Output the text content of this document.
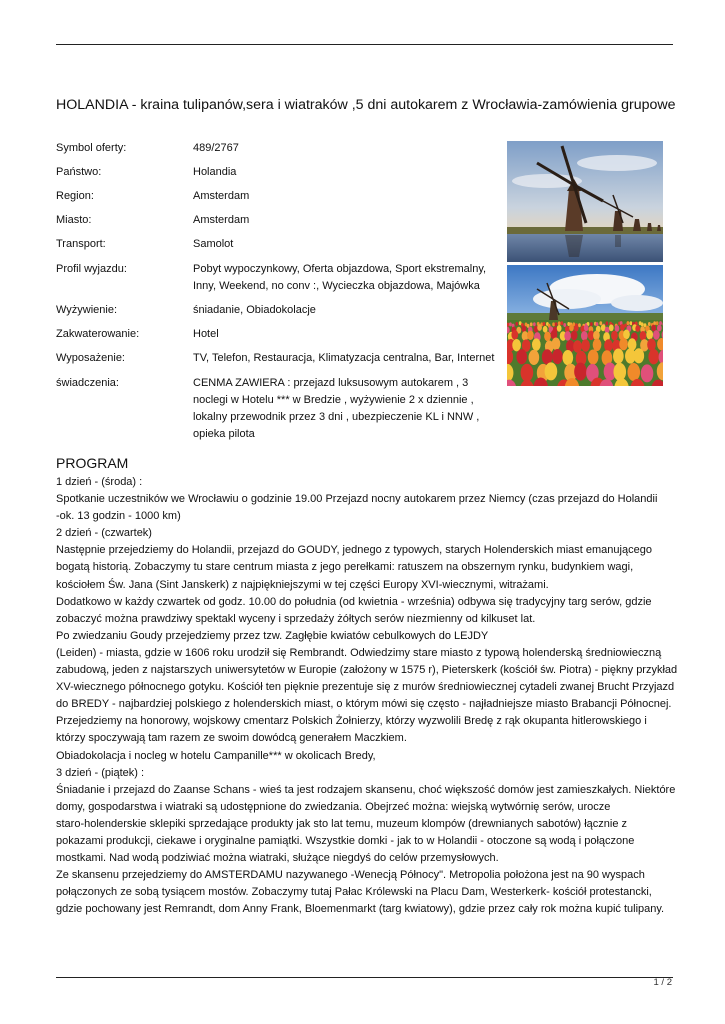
HOLANDIA - kraina tulipanów,sera i wiatraków ,5 dni autokarem z Wrocławia-zamówienia grupowe
Symbol oferty:	489/2767
Państwo:	Holandia
Region:	Amsterdam
Miasto:	Amsterdam
Transport:	Samolot
Profil wyjazdu:	Pobyt wypoczynkowy, Oferta objazdowa, Sport ekstremalny,
Inny, Weekend, no conv :, Wycieczka objazdowa, Majówka
Wyżywienie:	śniadanie, Obiadokolacje
Zakwaterowanie:	Hotel
Wyposażenie:	TV, Telefon, Restauracja, Klimatyzacja centralna, Bar, Internet
świadczenia:	CENMA ZAWIERA : przejazd luksusowym autokarem , 3
noclegi w Hotelu *** w Bredzie , wyżywienie 2 x dziennie ,
lokalny przewodnik przez 3 dni , ubezpieczenie KL i NNW ,
opieka pilota
PROGRAM
1 dzień - (środa) :
Spotkanie uczestników we Wrocławiu o godzinie 19.00 Przejazd nocny autokarem przez Niemcy (czas przejazd do Holandii
-ok. 13 godzin - 1000 km)
2 dzień - (czwartek)
Następnie przejedziemy do Holandii, przejazd do GOUDY, jednego z typowych, starych Holenderskich miast emanującego
bogatą historią. Zobaczymy tu stare centrum miasta z jego perełkami: ratuszem na obszernym rynku, budynkiem wagi,
kościołem Św. Jana (Sint Janskerk) z najpiękniejszymi w tej części Europy XVI-wiecznymi, witrażami.
Dodatkowo w każdy czwartek od godz. 10.00 do południa (od kwietnia - września) odbywa się tradycyjny targ serów, gdzie
zobaczyć można prawdziwy spektakl wyceny i sprzedaży żółtych serów niezmienny od kilkuset lat.
Po zwiedzaniu Goudy przejedziemy przez tzw. Zagłębie kwiatów cebulkowych do LEJDY
(Leiden) - miasta, gdzie w 1606 roku urodził się Rembrandt. Odwiedzimy stare miasto z typową holenderską średniowieczną
zabudową, jeden z najstarszych uniwersytetów w Europie (założony w 1575 r), Pieterskerk (kościół św. Piotra) - piękny przykład
XV-wiecznego północnego gotyku. Kościół ten pięknie prezentuje się z murów średniowiecznej cytadeli zwanej Brucht Przyjazd
do BREDY - najbardziej polskiego z holenderskich miast, o którym mówi się często - najładniejsze miasto Brabancji Północnej.
Przejedziemy na honorowy, wojskowy cmentarz Polskich Żołnierzy, którzy wyzwolili Bredę z rąk okupanta hitlerowskiego i
którzy spoczywają tam razem ze swoim dowódcą generałem Maczkiem.
Obiadokolacja i nocleg w hotelu Campanille*** w okolicach Bredy,
3 dzień - (piątek) :
Śniadanie i przejazd do Zaanse Schans - wieś ta jest rodzajem skansenu, choć większość domów jest zamieszkałych. Niektóre
domy, gospodarstwa i wiatraki są udostępnione do zwiedzania. Obejrzeć można: wiejską wytwórnię serów, urocze
staro-holenderskie sklepiki sprzedające produkty jak sto lat temu, muzeum klompów (drewnianych sabotów) łącznie z
pokazami produkcji, ciekawe i oryginalne pamiątki. Wszystkie domki - jak to w Holandii - otoczone są wodą i połączone
mostkami. Nad wodą podziwiać można wiatraki, służące niegdyś do celów przemysłowych.
Ze skansenu przejedziemy do AMSTERDAMU nazywanego -Wenecją Północy". Metropolia położona jest na 90 wyspach
połączonych ze sobą tysiącem mostów. Zobaczymy tutaj Pałac Królewski na Placu Dam, Westerkerk- kościół protestancki,
gdzie pochowany jest Remrandt, dom Anny Frank, Bloemenmarkt (targ kwiatowy), gdzie przez cały rok można kupić tulipany.
1 / 2
